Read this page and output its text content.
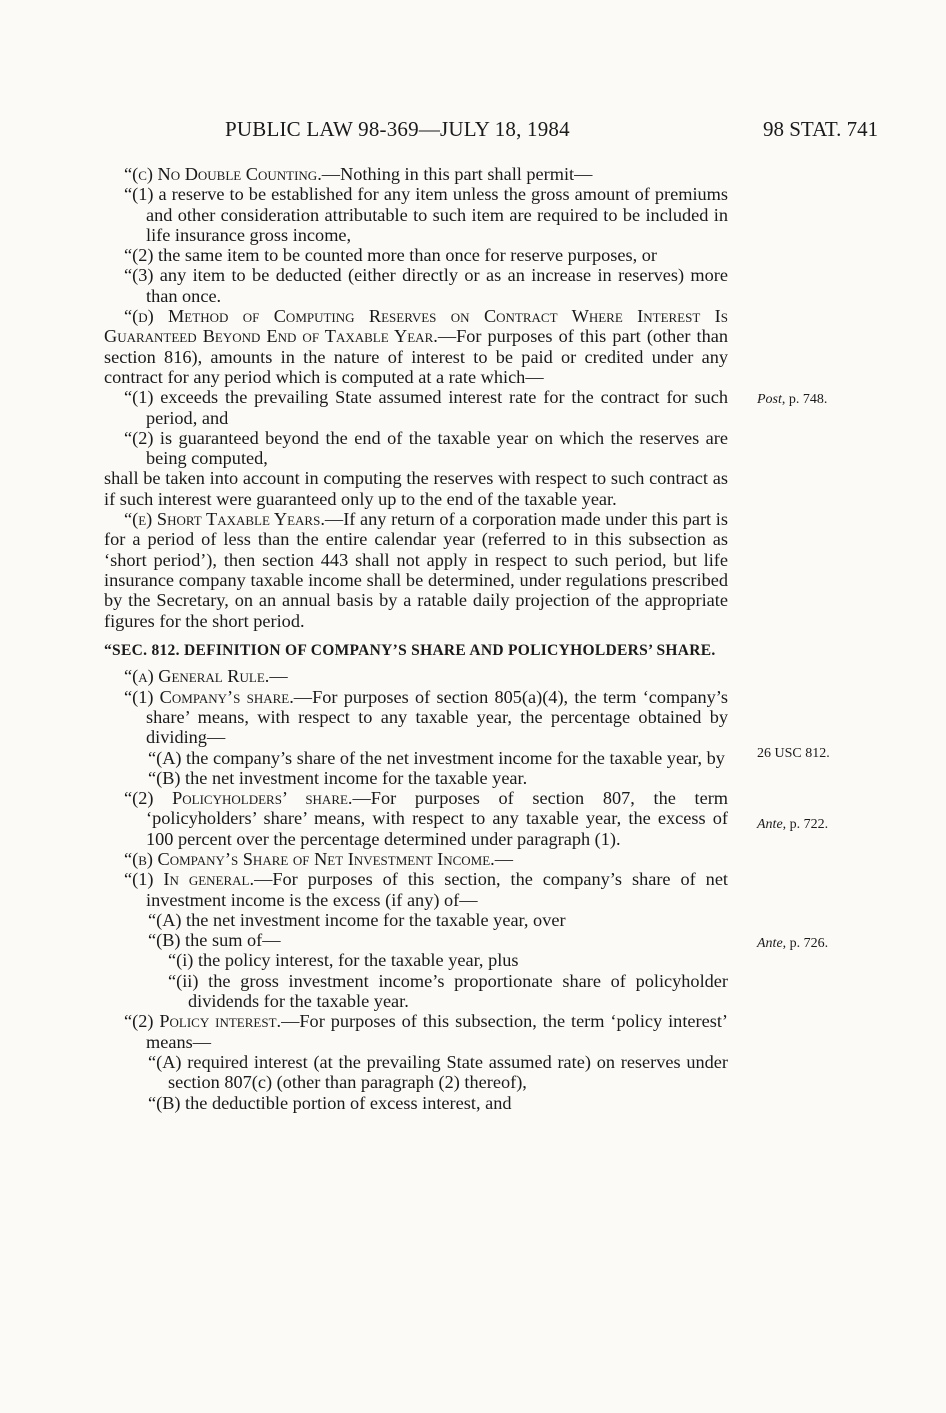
PUBLIC LAW 98-369—JULY 18, 1984	98 STAT. 741

“(c) No Double Counting.—Nothing in this part shall permit—

“(1) a reserve to be established for any item unless the gross amount of premiums and other consideration attributable to such item are required to be included in life insurance gross income,

“(2) the same item to be counted more than once for reserve purposes, or

“(3) any item to be deducted (either directly or as an increase in reserves) more than once.

“(d) Method of Computing Reserves on Contract Where Interest Is Guaranteed Beyond End of Taxable Year.—For purposes of this part (other than section 816), amounts in the nature of interest to be paid or credited under any contract for any period which is computed at a rate which—

“(1) exceeds the prevailing State assumed interest rate for the contract for such period, and

“(2) is guaranteed beyond the end of the taxable year on which the reserves are being computed,

shall be taken into account in computing the reserves with respect to such contract as if such interest were guaranteed only up to the end of the taxable year.

“(e) Short Taxable Years.—If any return of a corporation made under this part is for a period of less than the entire calendar year (referred to in this subsection as ‘short period’), then section 443 shall not apply in respect to such period, but life insurance company taxable income shall be determined, under regulations prescribed by the Secretary, on an annual basis by a ratable daily projection of the appropriate figures for the short period.

“SEC. 812. DEFINITION OF COMPANY’S SHARE AND POLICYHOLDERS’ SHARE.

“(a) General Rule.—

“(1) Company’s share.—For purposes of section 805(a)(4), the term ‘company’s share’ means, with respect to any taxable year, the percentage obtained by dividing—

“(A) the company’s share of the net investment income for the taxable year, by

“(B) the net investment income for the taxable year.

“(2) Policyholders’ share.—For purposes of section 807, the term ‘policyholders’ share’ means, with respect to any taxable year, the excess of 100 percent over the percentage determined under paragraph (1).

“(b) Company’s Share of Net Investment Income.—

“(1) In general.—For purposes of this section, the company’s share of net investment income is the excess (if any) of—

“(A) the net investment income for the taxable year, over

“(B) the sum of—

“(i) the policy interest, for the taxable year, plus

“(ii) the gross investment income’s proportionate share of policyholder dividends for the taxable year.

“(2) Policy interest.—For purposes of this subsection, the term ‘policy interest’ means—

“(A) required interest (at the prevailing State assumed rate) on reserves under section 807(c) (other than paragraph (2) thereof),

“(B) the deductible portion of excess interest, and

Post, p. 748.
26 USC 812.
Ante, p. 722.
Ante, p. 726.
